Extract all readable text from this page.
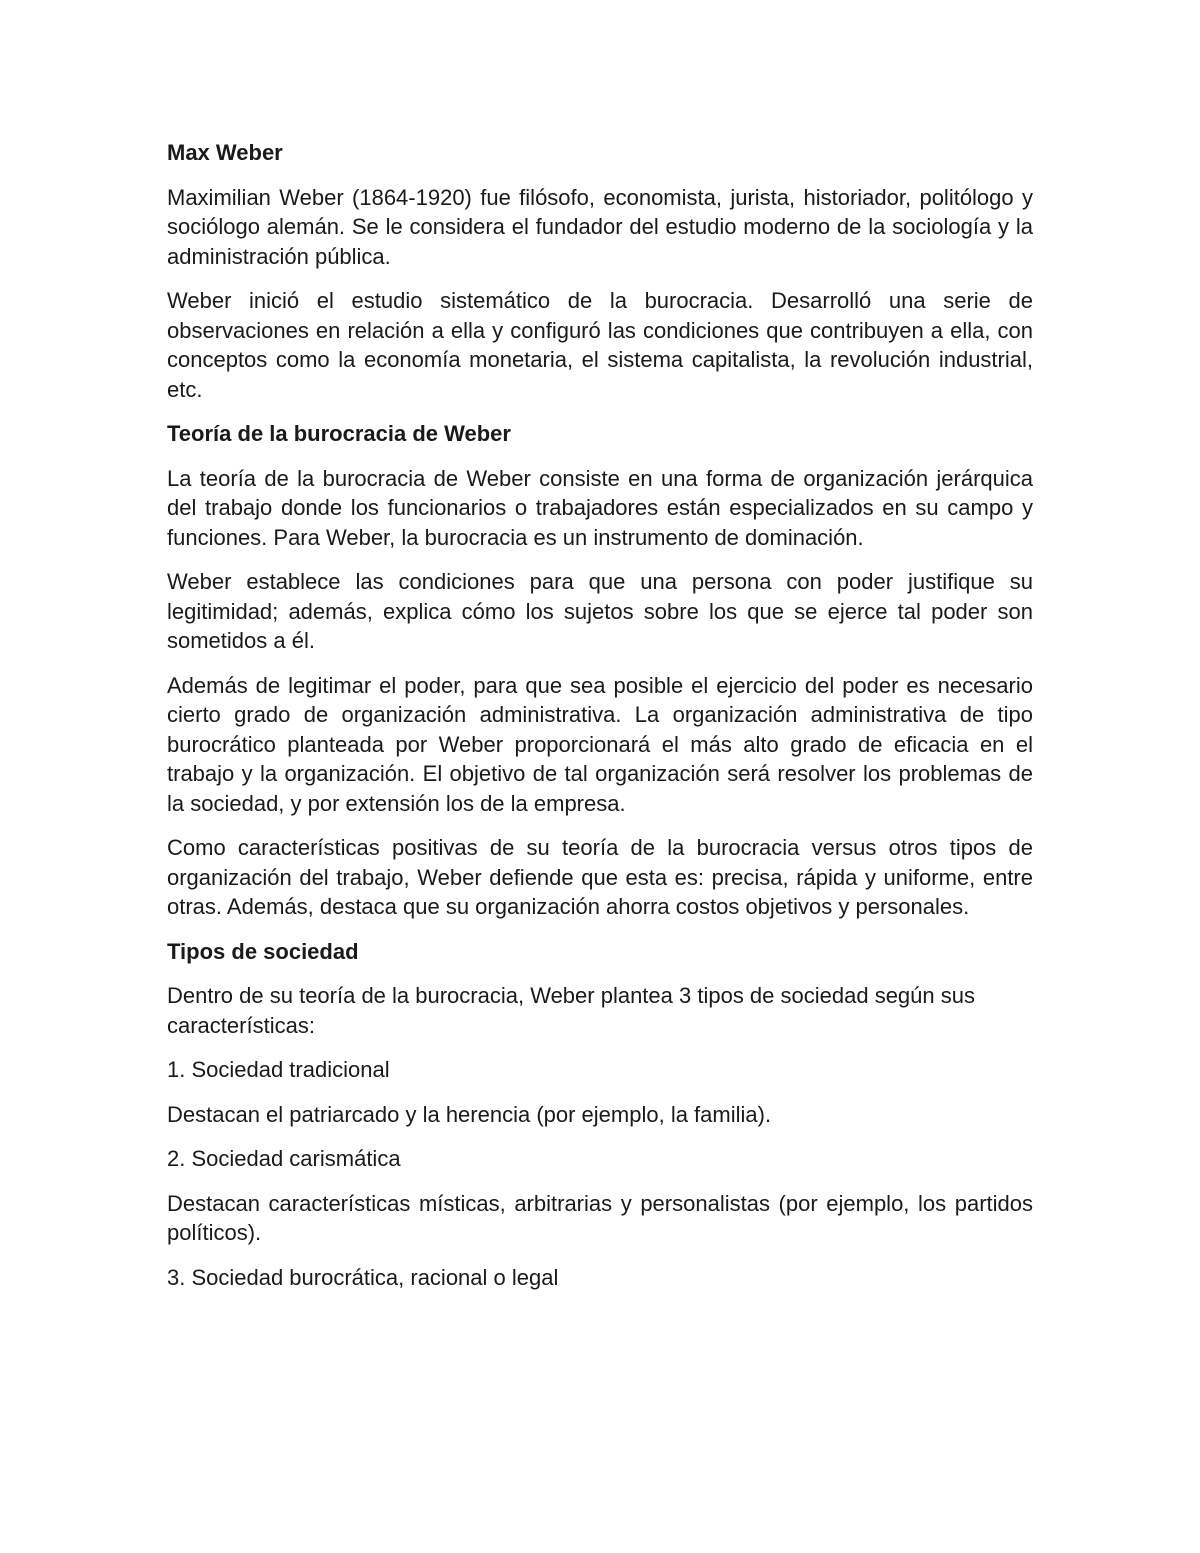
Max Weber

Maximilian Weber (1864-1920) fue filósofo, economista, jurista, historiador, politólogo y sociólogo alemán. Se le considera el fundador del estudio moderno de la sociología y la administración pública.

Weber inició el estudio sistemático de la burocracia. Desarrolló una serie de observaciones en relación a ella y configuró las condiciones que contribuyen a ella, con conceptos como la economía monetaria, el sistema capitalista, la revolución industrial, etc.

Teoría de la burocracia de Weber

La teoría de la burocracia de Weber consiste en una forma de organización jerárquica del trabajo donde los funcionarios o trabajadores están especializados en su campo y funciones. Para Weber, la burocracia es un instrumento de dominación.

Weber establece las condiciones para que una persona con poder justifique su legitimidad; además, explica cómo los sujetos sobre los que se ejerce tal poder son sometidos a él.

Además de legitimar el poder, para que sea posible el ejercicio del poder es necesario cierto grado de organización administrativa. La organización administrativa de tipo burocrático planteada por Weber proporcionará el más alto grado de eficacia en el trabajo y la organización. El objetivo de tal organización será resolver los problemas de la sociedad, y por extensión los de la empresa.

Como características positivas de su teoría de la burocracia versus otros tipos de organización del trabajo, Weber defiende que esta es: precisa, rápida y uniforme, entre otras. Además, destaca que su organización ahorra costos objetivos y personales.

Tipos de sociedad

Dentro de su teoría de la burocracia, Weber plantea 3 tipos de sociedad según sus características:

1. Sociedad tradicional

Destacan el patriarcado y la herencia (por ejemplo, la familia).

2. Sociedad carismática

Destacan características místicas, arbitrarias y personalistas (por ejemplo, los partidos políticos).

3. Sociedad burocrática, racional o legal
